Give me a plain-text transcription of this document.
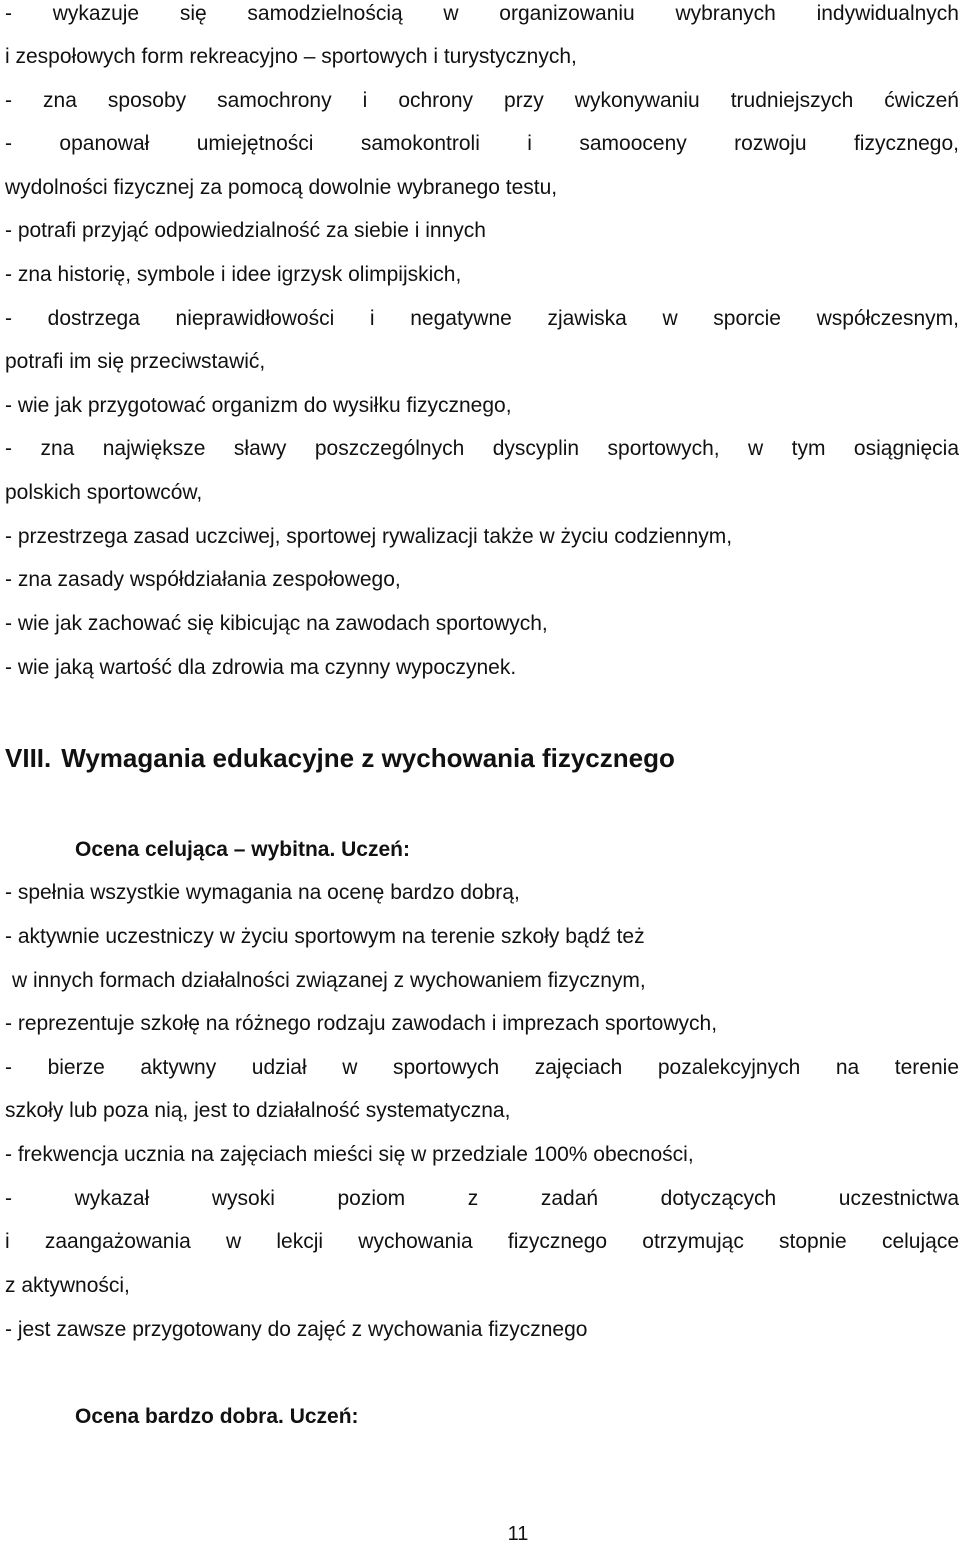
- wykazuje się samodzielnością w organizowaniu wybranych indywidualnych
i zespołowych form rekreacyjno – sportowych i turystycznych,
- zna sposoby samochrony i ochrony przy wykonywaniu trudniejszych ćwiczeń
- opanował umiejętności samokontroli i samooceny rozwoju fizycznego,
wydolności fizycznej za pomocą dowolnie wybranego testu,
- potrafi przyjąć odpowiedzialność za siebie i innych
- zna historię, symbole i idee igrzysk olimpijskich,
- dostrzega nieprawidłowości i negatywne zjawiska w sporcie współczesnym,
potrafi im się przeciwstawić,
- wie jak przygotować organizm do wysiłku fizycznego,
- zna największe sławy poszczególnych dyscyplin sportowych, w tym osiągnięcia
polskich sportowców,
- przestrzega zasad uczciwej, sportowej rywalizacji także w życiu codziennym,
- zna zasady współdziałania zespołowego,
- wie jak zachować się kibicując na zawodach sportowych,
- wie jaką wartość dla zdrowia ma czynny wypoczynek.
VIII. Wymagania edukacyjne z wychowania fizycznego
Ocena celująca – wybitna. Uczeń:
- spełnia wszystkie wymagania na ocenę bardzo dobrą,
- aktywnie uczestniczy w życiu sportowym na terenie szkoły bądź też
w innych formach działalności związanej z wychowaniem fizycznym,
- reprezentuje szkołę na różnego rodzaju zawodach i imprezach sportowych,
- bierze aktywny udział w sportowych zajęciach pozalekcyjnych na terenie
szkoły lub poza nią, jest to działalność systematyczna,
- frekwencja ucznia na zajęciach mieści się w przedziale 100% obecności,
- wykazał wysoki poziom z zadań dotyczących uczestnictwa
i zaangażowania w lekcji wychowania fizycznego otrzymując stopnie celujące
z aktywności,
- jest zawsze przygotowany do zajęć z wychowania fizycznego
Ocena bardzo dobra. Uczeń:
11
